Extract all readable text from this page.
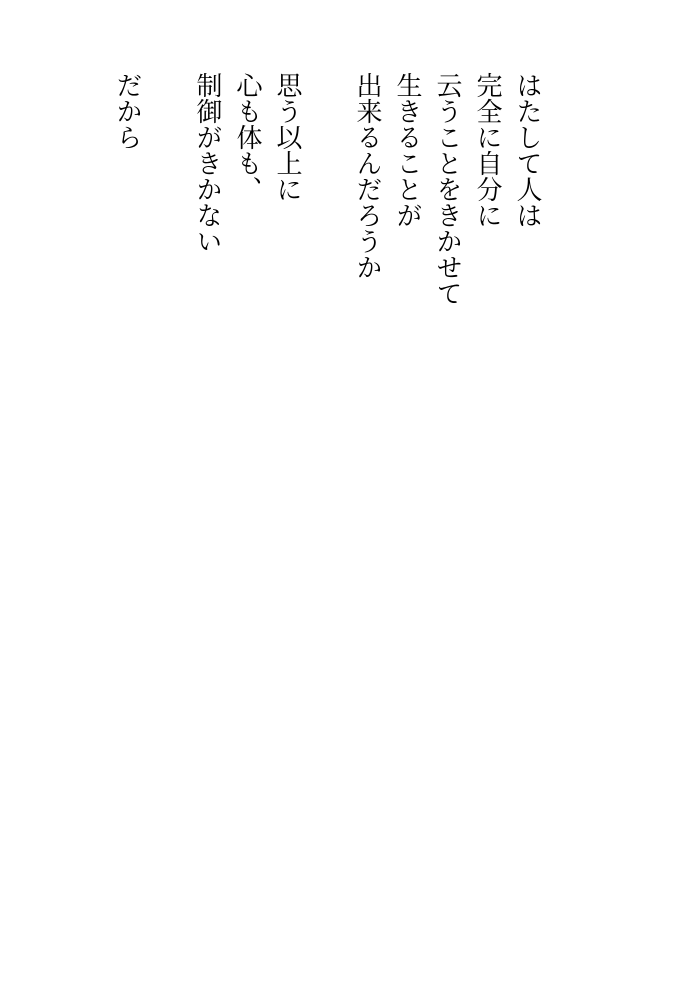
はたして人は

完全に自分に

云うことをきかせて

生きることが

出来るんだろうか

思う以上に

心も体も、

制御がきかない

だから
